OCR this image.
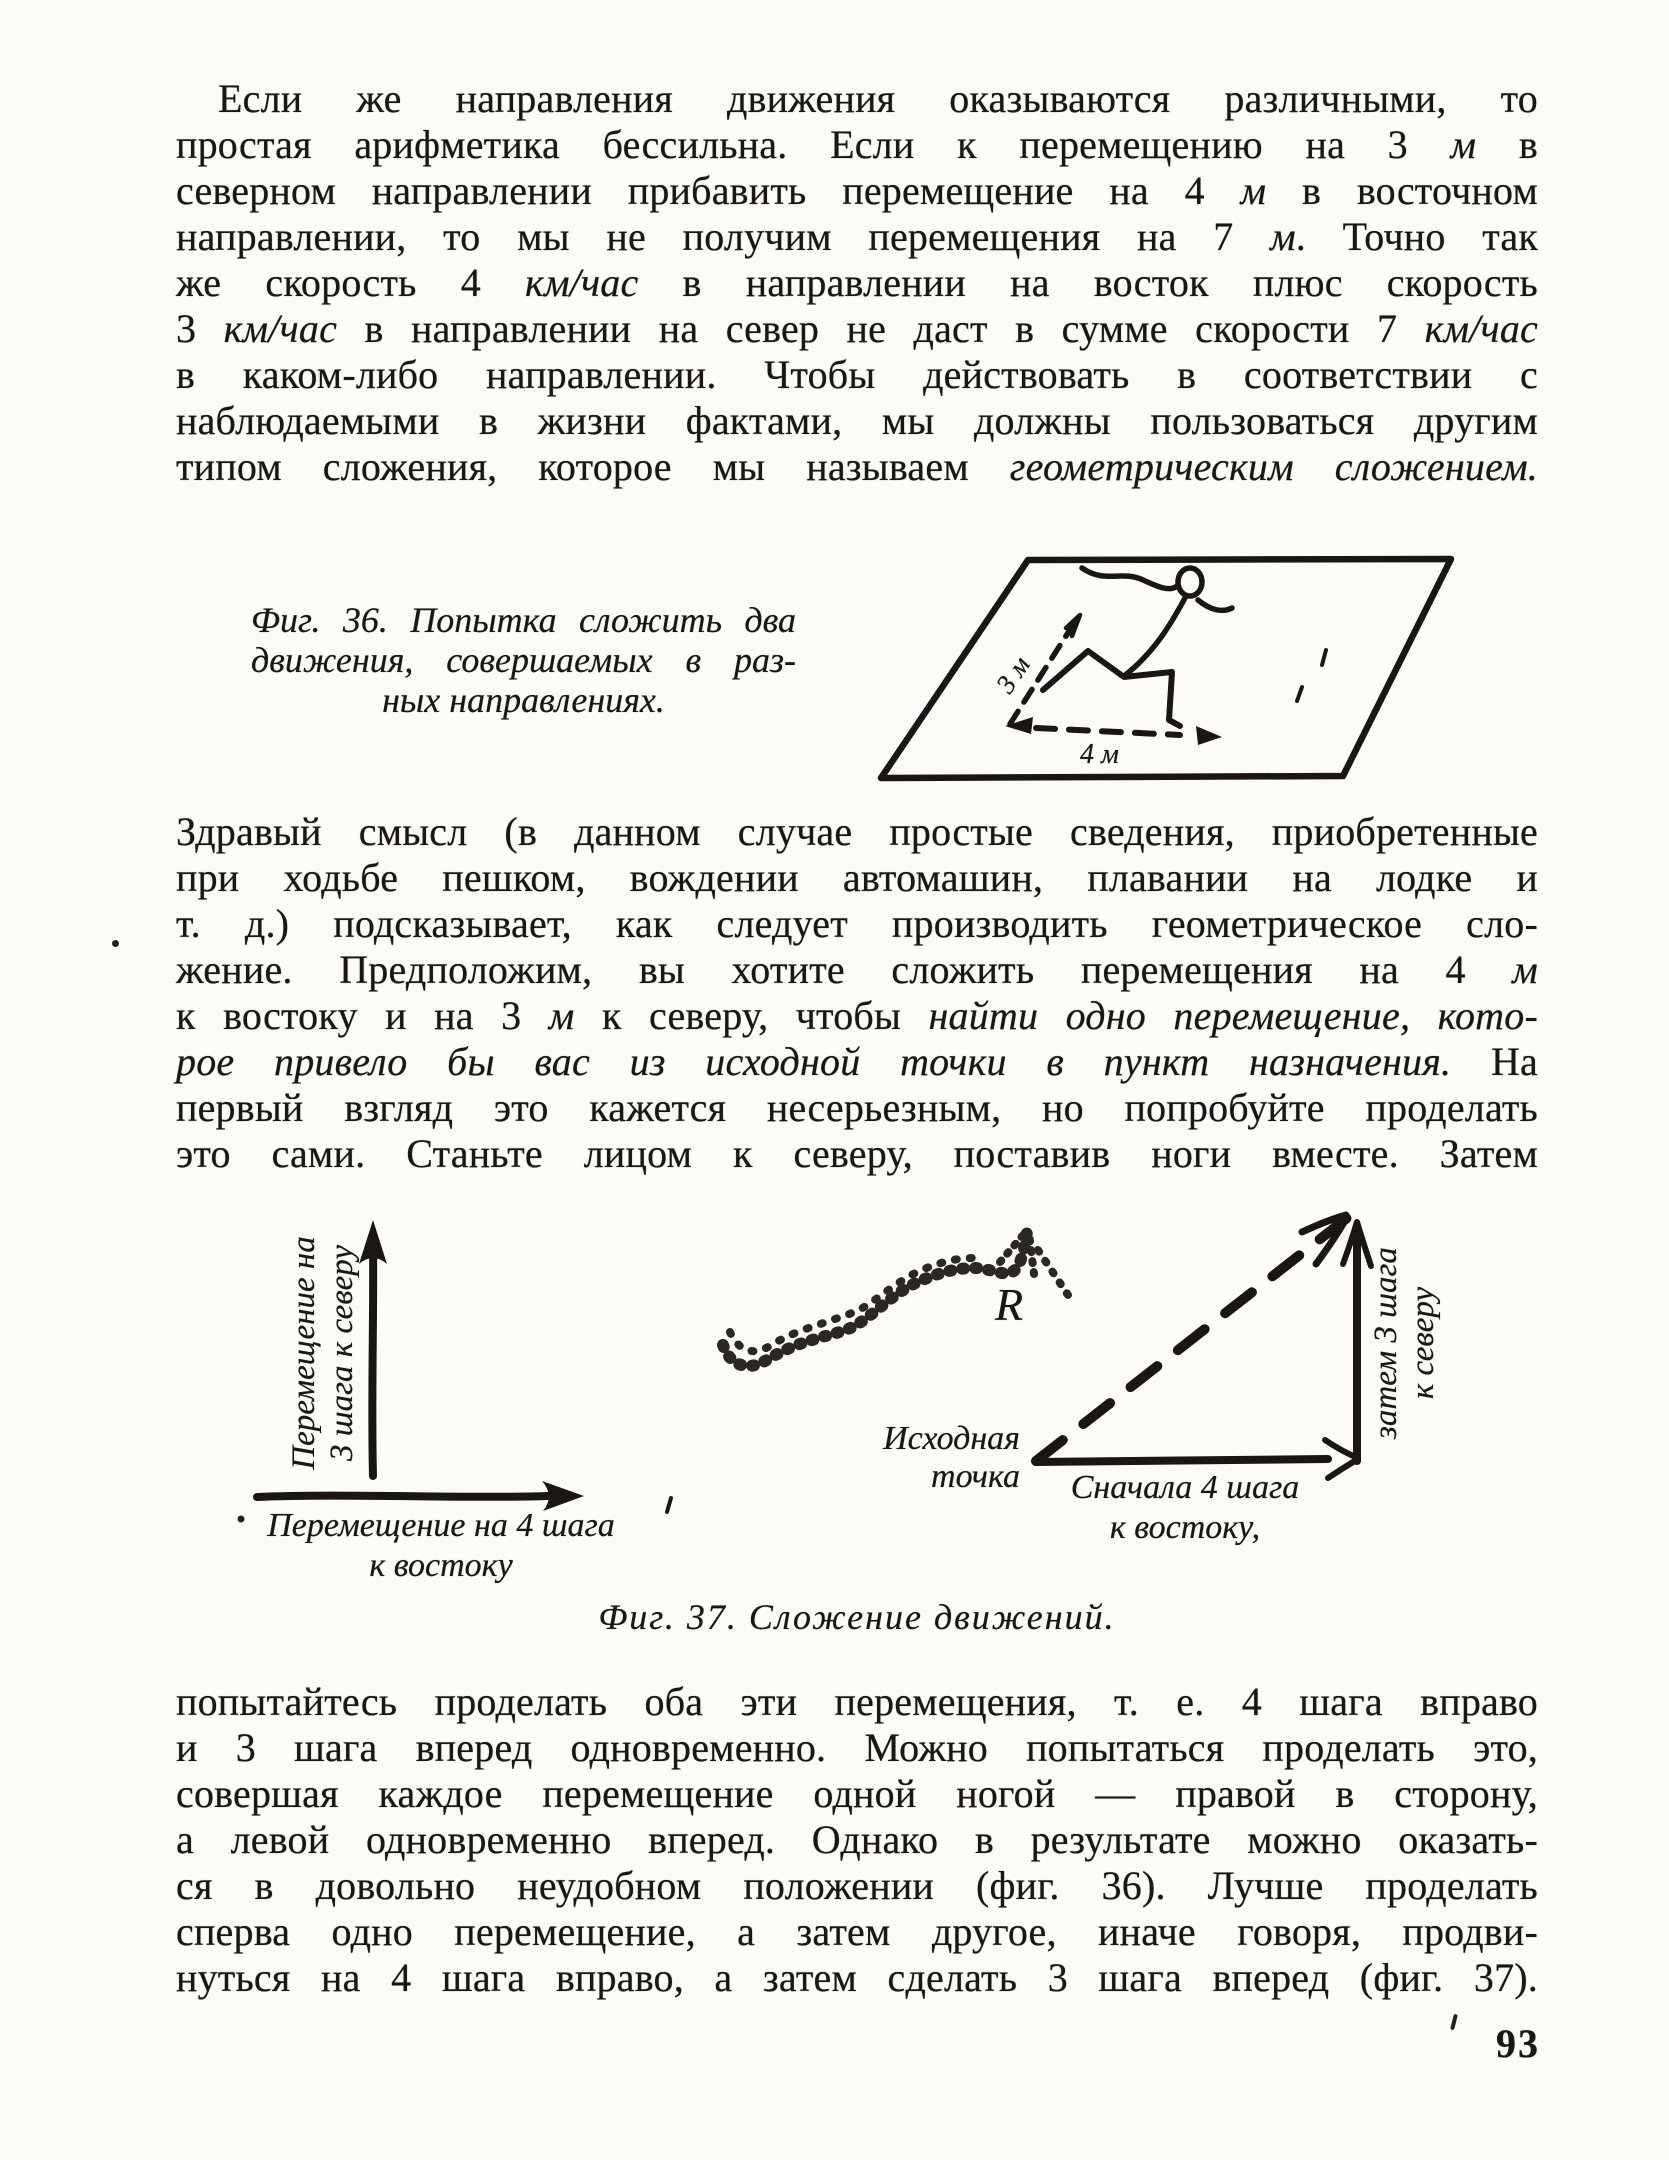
Если же направления движения оказываются различными, то
простая арифметика бессильна. Если к перемещению на 3 м в
северном направлении прибавить перемещение на 4 м в восточном
направлении, то мы не получим перемещения на 7 м. Точно так
же скорость 4 км/час в направлении на восток плюс скорость
3 км/час в направлении на север не даст в сумме скорости 7 км/час
в каком-либо направлении. Чтобы действовать в соответствии с
наблюдаемыми в жизни фактами, мы должны пользоваться другим
типом сложения, которое мы называем геометрическим сложением.
3 м
4 м
Фиг. 36. Попытка сложить два
движения, совершаемых в раз-
ных направлениях.
Здравый смысл (в данном случае простые сведения, приобретенные
при ходьбе пешком, вождении автомашин, плавании на лодке и
т. д.) подсказывает, как следует производить геометрическое сло-
жение. Предположим, вы хотите сложить перемещения на 4 м
к востоку и на 3 м к северу, чтобы найти одно перемещение, кото-
рое привело бы вас из исходной точки в пункт назначения. На
первый взгляд это кажется несерьезным, но попробуйте проделать
это сами. Станьте лицом к северу, поставив ноги вместе. Затем
Перемещение на 3 шага к северу
Перемещение на 4 шага
к востоку
R
Исходная
точка	Сначала 4 шага
к востоку,
затем 3 шага к северу
Фиг. 37. Сложение движений.
попытайтесь проделать оба эти перемещения, т. е. 4 шага вправо
и 3 шага вперед одновременно. Можно попытаться проделать это,
совершая каждое перемещение одной ногой — правой в сторону,
а левой одновременно вперед. Однако в результате можно оказать-
ся в довольно неудобном положении (фиг. 36). Лучше проделать
сперва одно перемещение, а затем другое, иначе говоря, продви-
нуться на 4 шага вправо, а затем сделать 3 шага вперед (фиг. 37).
93
